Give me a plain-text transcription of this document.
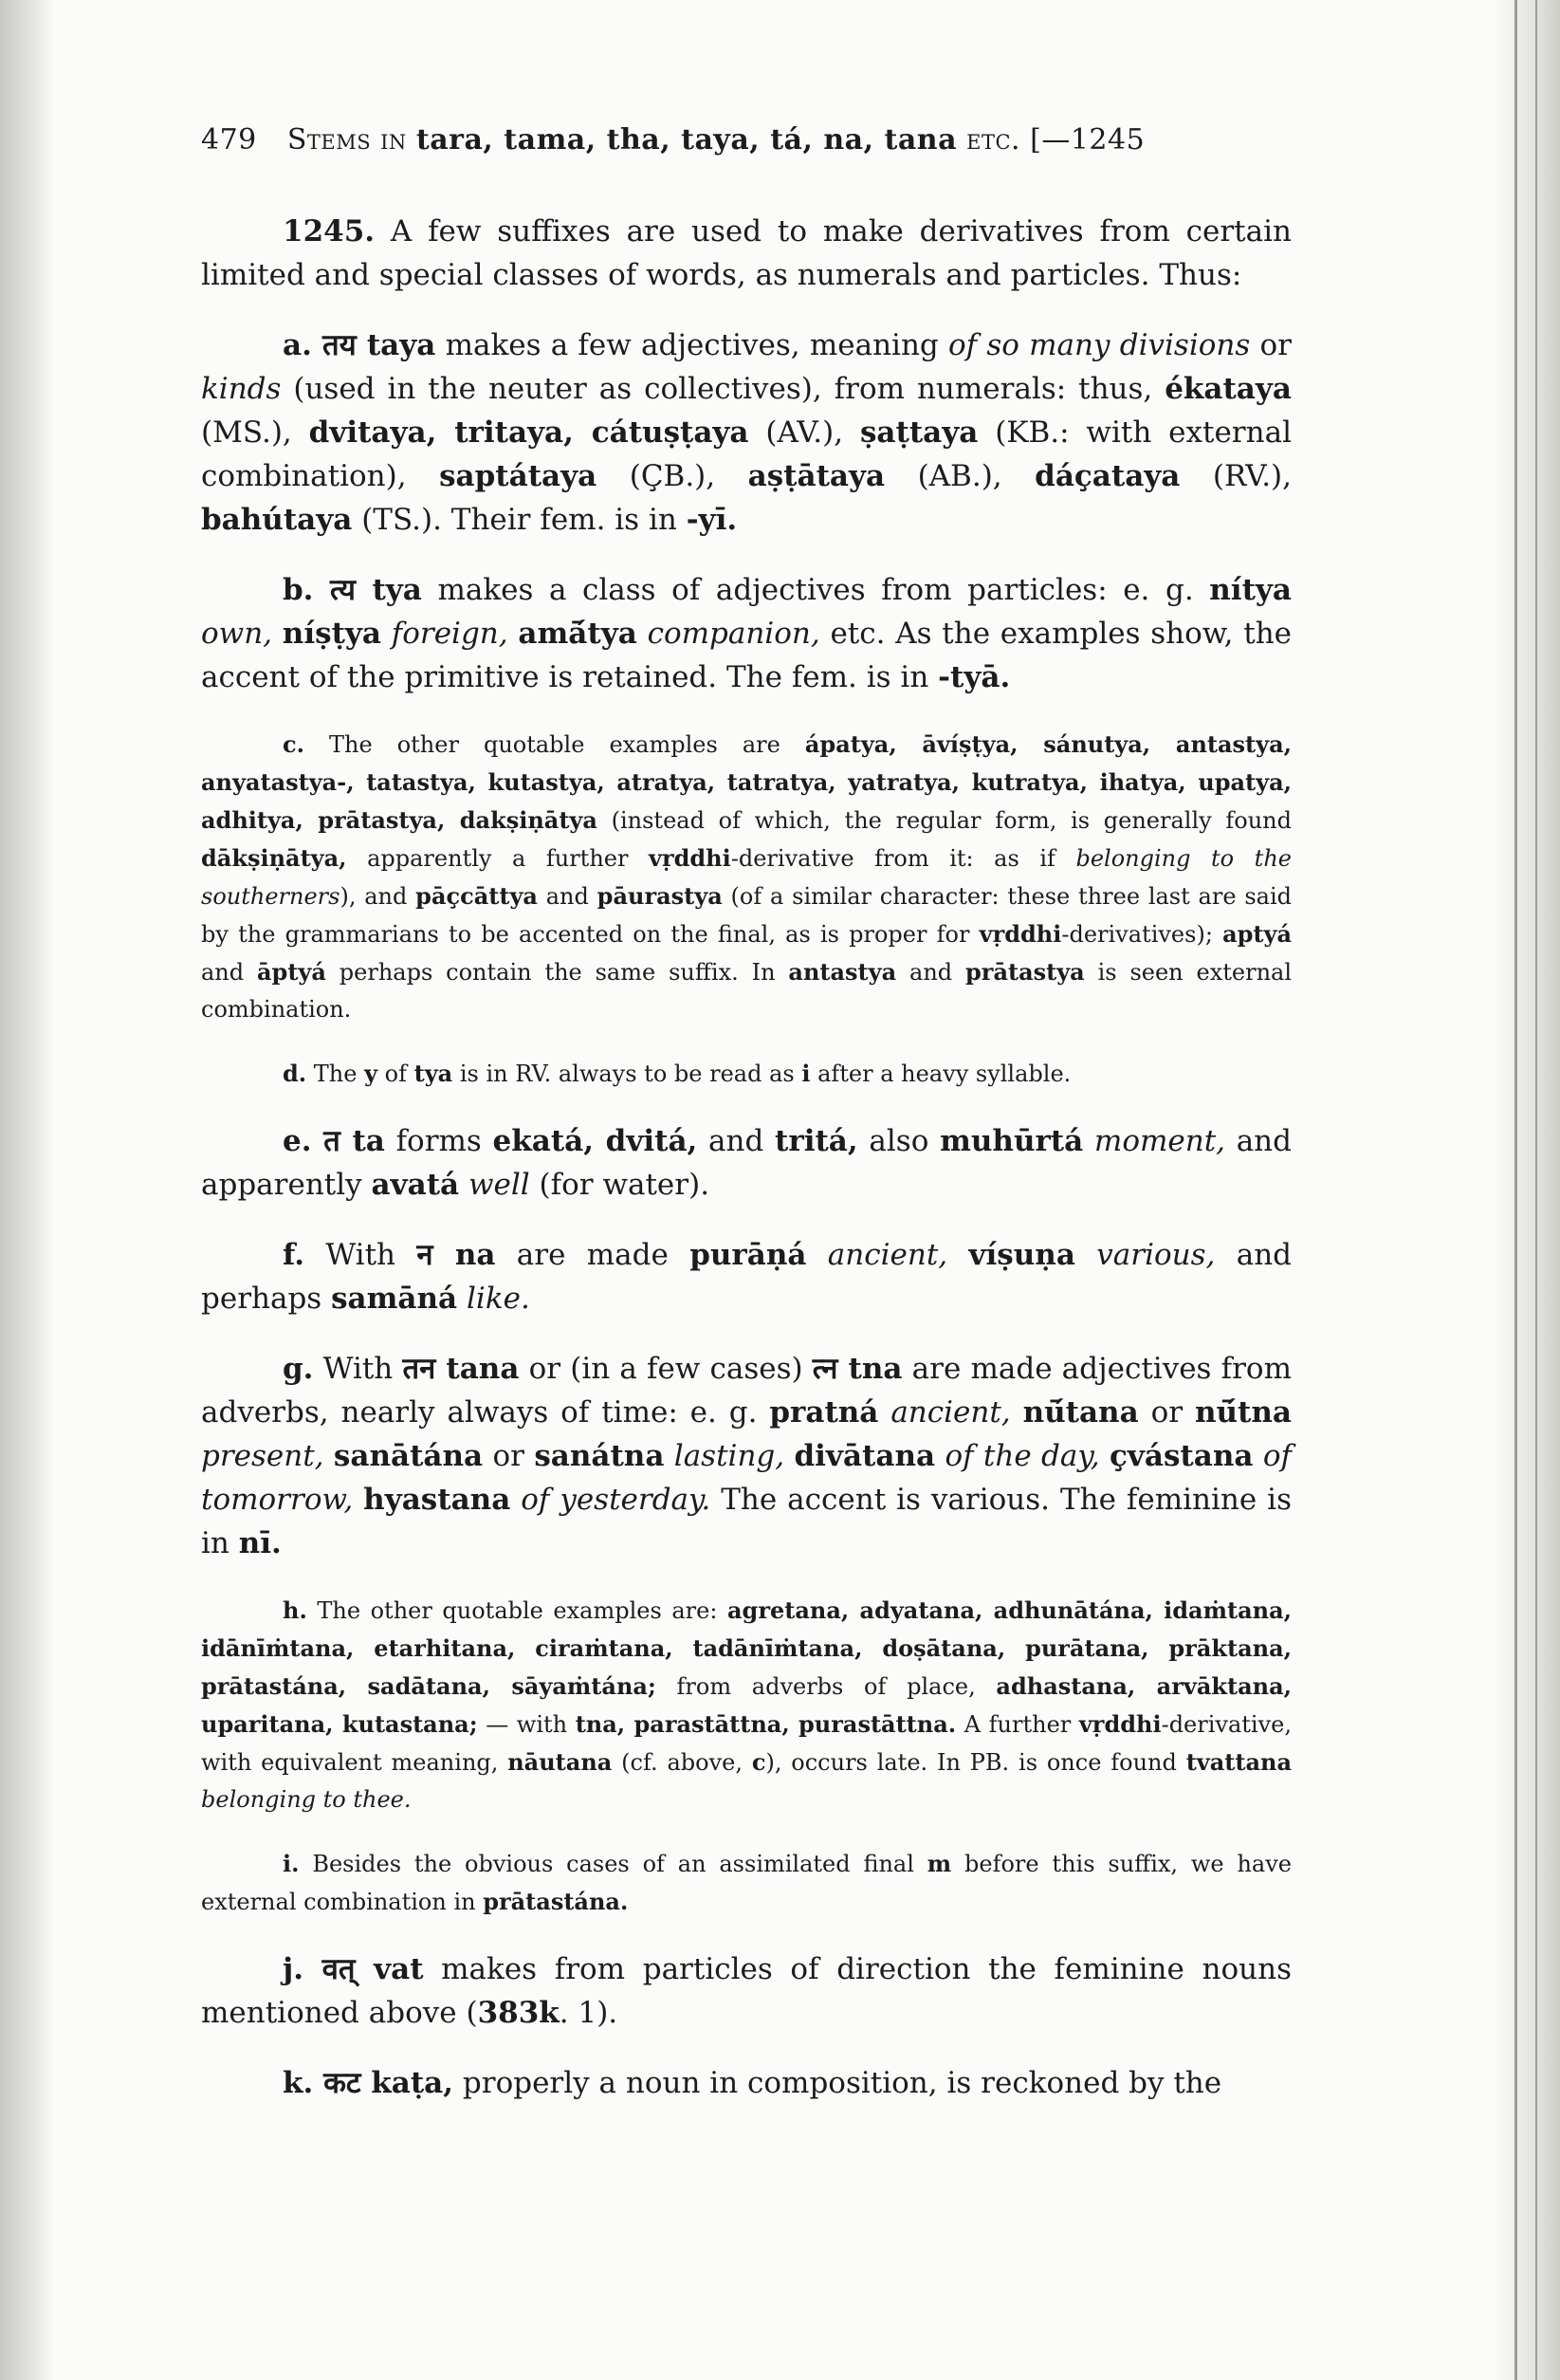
479 Stems in tara, tama, tha, taya, tá, na, tana etc. [—1245

1245. A few suffixes are used to make derivatives from certain limited and special classes of words, as numerals and particles. Thus:

a. तय taya makes a few adjectives, meaning of so many divisions or kinds (used in the neuter as collectives), from numerals: thus, ékataya (MS.), dvitaya, tritaya, cátuṣṭaya (AV.), ṣaṭtaya (KB.: with external combination), saptátaya (ÇB.), aṣṭātaya (AB.), dáçataya (RV.), bahútaya (TS.). Their fem. is in -yī.

b. त्य tya makes a class of adjectives from particles: e. g. nítya own, níṣṭya foreign, amā́tya companion, etc. As the examples show, the accent of the primitive is retained. The fem. is in -tyā.

c. The other quotable examples are ápatya, āvíṣṭya, sánutya, antastya, anyatastya-, tatastya, kutastya, atratya, tatratya, yatratya, kutratya, ihatya, upatya, adhitya, prātastya, dakṣiṇātya (instead of which, the regular form, is generally found dākṣiṇātya, apparently a further vṛddhi-derivative from it: as if belonging to the southerners), and pāçcāttya and pāurastya (of a similar character: these three last are said by the grammarians to be accented on the final, as is proper for vṛddhi-derivatives); aptyá and āptyá perhaps contain the same suffix. In antastya and prātastya is seen external combination.

d. The y of tya is in RV. always to be read as i after a heavy syllable.

e. त ta forms ekatá, dvitá, and tritá, also muhūrtá moment, and apparently avatá well (for water).

f. With न na are made purāṇá ancient, víṣuṇa various, and perhaps samāná like.

g. With तन tana or (in a few cases) त्न tna are made adjectives from adverbs, nearly always of time: e. g. pratná ancient, nū́tana or nū́tna present, sanātána or sanátna lasting, divātana of the day, çvástana of tomorrow, hyastana of yesterday. The accent is various. The feminine is in nī.

h. The other quotable examples are: agretana, adyatana, adhunātána, idaṁtana, idānīṁtana, etarhitana, ciraṁtana, tadānīṁtana, doṣātana, purātana, prāktana, prātastána, sadātana, sāyaṁtána; from adverbs of place, adhastana, arvāktana, uparitana, kutastana; — with tna, parastāttna, purastāttna. A further vṛddhi-derivative, with equivalent meaning, nāutana (cf. above, c), occurs late. In PB. is once found tvattana belonging to thee.

i. Besides the obvious cases of an assimilated final m before this suffix, we have external combination in prātastána.

j. वत् vat makes from particles of direction the feminine nouns mentioned above (383k. 1).

k. कट kaṭa, properly a noun in composition, is reckoned by the
